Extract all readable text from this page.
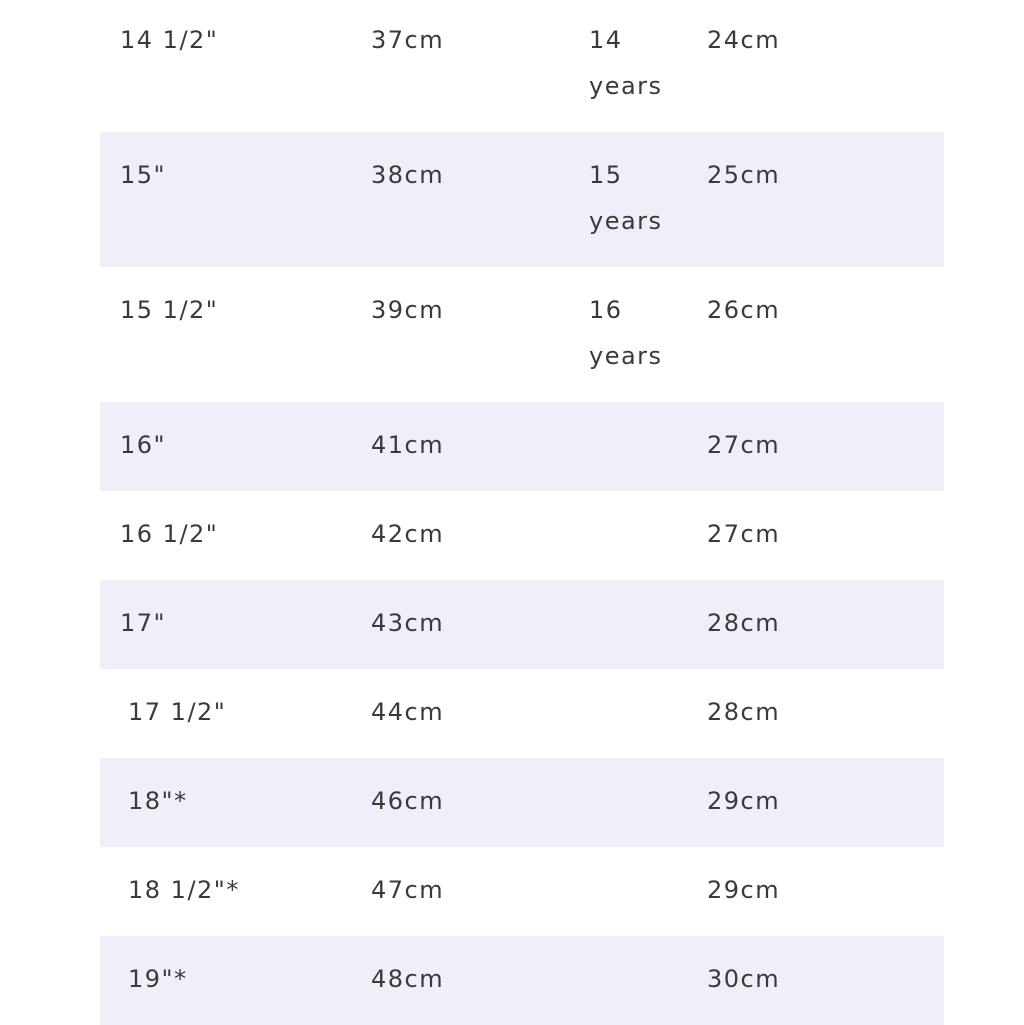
14 1/2"	37cm	14 years	24cm
15"	38cm	15 years	25cm
15 1/2"	39cm	16 years	26cm
16"	41cm		27cm
16 1/2"	42cm		27cm
17"	43cm		28cm
17 1/2"	44cm		28cm
18"*	46cm		29cm
18 1/2"*	47cm		29cm
19"*	48cm		30cm
